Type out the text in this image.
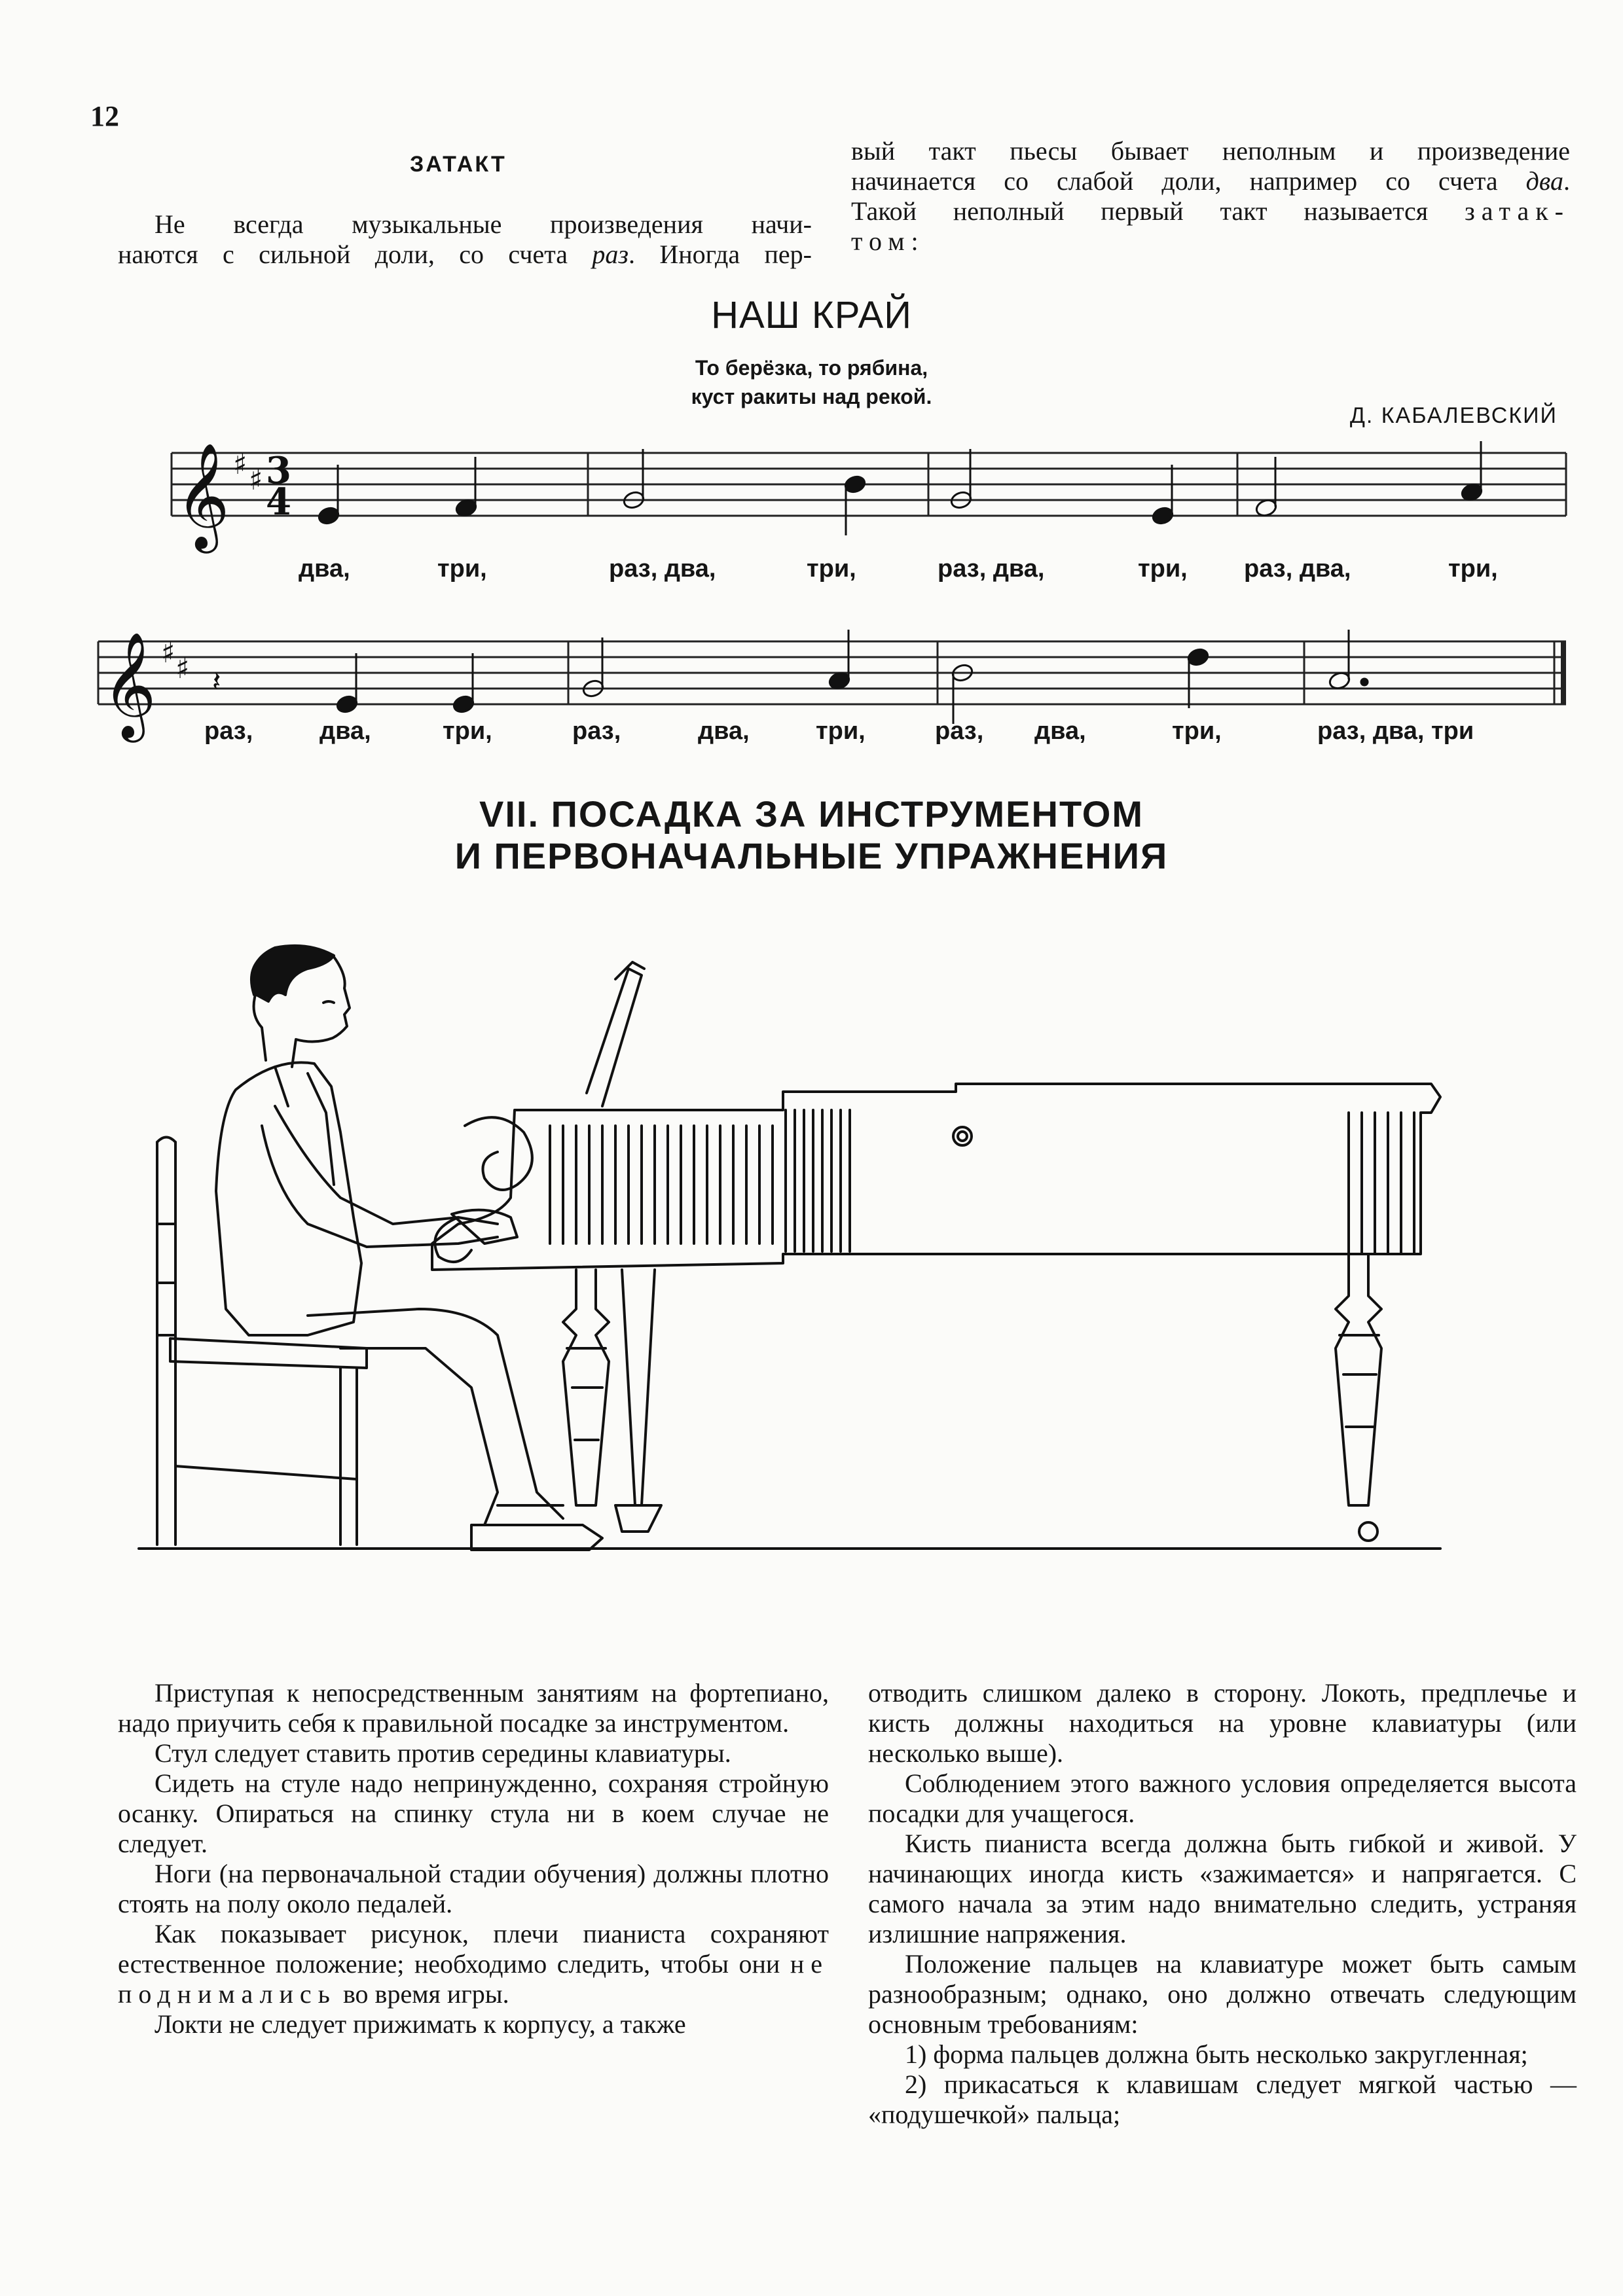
12
ЗАТАКТ

Не всегда музыкальные произведения начи-

наются с сильной доли, со счета раз. Иногда пер-

вый такт пьесы бывает неполным и произведение

начинается со слабой доли, например со счета два.

Такой неполный первый такт называется затак-

том:

НАШ КРАЙ
То берёзка, то рябина,
куст ракиты над рекой.
Д. КАБАЛЕВСКИЙ
𝄞 ♯ ♯ 3
4
два,	три,	раз, два,	три,	раз, два,	три, раз, два,	три,
𝄞 ♯ ♯ 𝄽
раз,	два,	три,	раз,	два,	три,	раз, два,	три,	раз, два, три
VII. ПОСАДКА ЗА ИНСТРУМЕНТОМ
И ПЕРВОНАЧАЛЬНЫЕ УПРАЖНЕНИЯ

Приступая к непосредственным занятиям на фортепиано, надо приучить себя к правильной посадке за инструментом.

Стул следует ставить против середины клавиатуры.

Сидеть на стуле надо непринужденно, сохраняя стройную осанку. Опираться на спинку стула ни в коем случае не следует.

Ноги (на первоначальной стадии обучения) должны плотно стоять на полу около педалей.

Как показывает рисунок, плечи пианиста сохраняют естественное положение; необходимо следить, чтобы они не поднимались во время игры.

Локти не следует прижимать к корпусу, а также

отводить слишком далеко в сторону. Локоть, предплечье и кисть должны находиться на уровне клавиатуры (или несколько выше).

Соблюдением этого важного условия определяется высота посадки для учащегося.

Кисть пианиста всегда должна быть гибкой и живой. У начинающих иногда кисть «зажимается» и напрягается. С самого начала за этим надо внимательно следить, устраняя излишние напряжения.

Положение пальцев на клавиатуре может быть самым разнообразным; однако, оно должно отвечать следующим основным требованиям:

1) форма пальцев должна быть несколько закругленная;

2) прикасаться к клавишам следует мягкой частью — «подушечкой» пальца;
